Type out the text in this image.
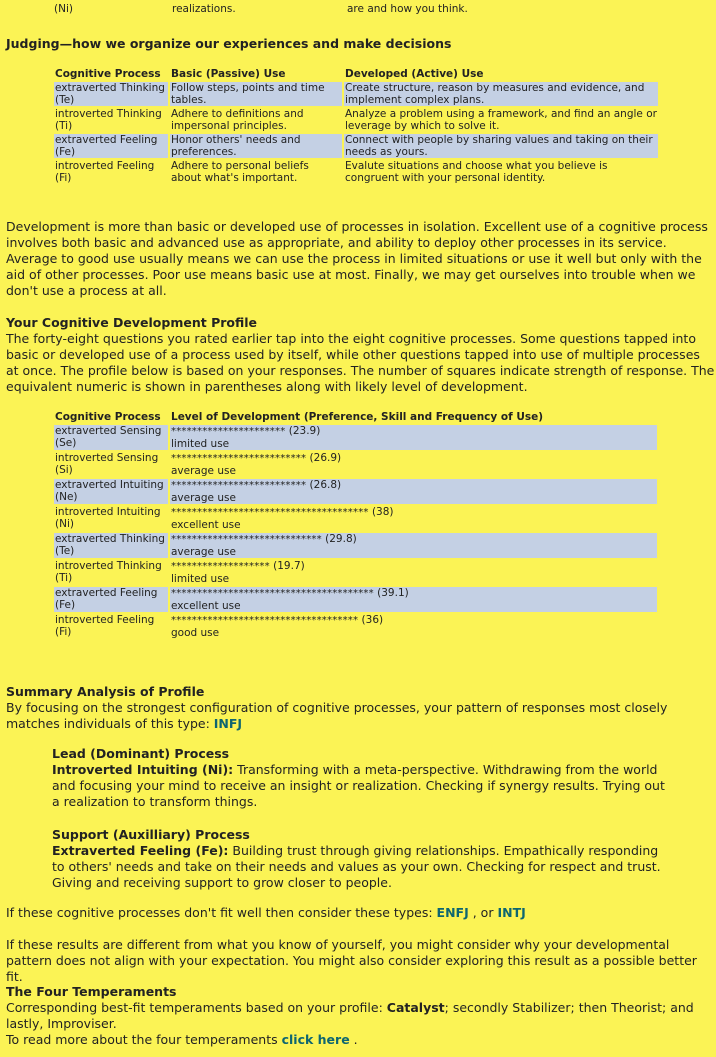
(Ni)	realizations.	are and how you think.
Judging—how we organize our experiences and make decisions
Cognitive Process	Basic (Passive) Use	Developed (Active) Use
extraverted Thinking (Te)	Follow steps, points and time tables.	Create structure, reason by measures and evidence, and implement complex plans.
introverted Thinking (Ti)	Adhere to definitions and impersonal principles.	Analyze a problem using a framework, and find an angle or leverage by which to solve it.
extraverted Feeling (Fe)	Honor others' needs and preferences.	Connect with people by sharing values and taking on their needs as yours.
introverted Feeling (Fi)	Adhere to personal beliefs about what's important.	Evalute situations and choose what you believe is congruent with your personal identity.
Development is more than basic or developed use of processes in isolation. Excellent use of a cognitive process involves both basic and advanced use as appropriate, and ability to deploy other processes in its service. Average to good use usually means we can use the process in limited situations or use it well but only with the aid of other processes. Poor use means basic use at most. Finally, we may get ourselves into trouble when we don't use a process at all.
Your Cognitive Development Profile
The forty-eight questions you rated earlier tap into the eight cognitive processes. Some questions tapped into basic or developed use of a process used by itself, while other questions tapped into use of multiple processes at once. The profile below is based on your responses. The number of squares indicate strength of response. The equivalent numeric is shown in parentheses along with likely level of development.
Cognitive Process	Level of Development (Preference, Skill and Frequency of Use)
extraverted Sensing (Se)	********************** (23.9)
limited use
introverted Sensing (Si)	************************** (26.9)
average use
extraverted Intuiting (Ne)	************************** (26.8)
average use
introverted Intuiting (Ni)	************************************** (38)
excellent use
extraverted Thinking (Te)	***************************** (29.8)
average use
introverted Thinking (Ti)	******************* (19.7)
limited use
extraverted Feeling (Fe)	*************************************** (39.1)
excellent use
introverted Feeling (Fi)	************************************ (36)
good use
Summary Analysis of Profile
By focusing on the strongest configuration of cognitive processes, your pattern of responses most closely matches individuals of this type: INFJ
Lead (Dominant) Process
Introverted Intuiting (Ni): Transforming with a meta-perspective. Withdrawing from the world and focusing your mind to receive an insight or realization. Checking if synergy results. Trying out a realization to transform things.
Support (Auxilliary) Process
Extraverted Feeling (Fe): Building trust through giving relationships. Empathically responding to others' needs and take on their needs and values as your own. Checking for respect and trust. Giving and receiving support to grow closer to people.
If these cognitive processes don't fit well then consider these types: ENFJ , or INTJ
If these results are different from what you know of yourself, you might consider why your developmental pattern does not align with your expectation. You might also consider exploring this result as a possible better fit.
The Four Temperaments
Corresponding best-fit temperaments based on your profile: Catalyst; secondly Stabilizer; then Theorist; and lastly, Improviser.
To read more about the four temperaments click here .
